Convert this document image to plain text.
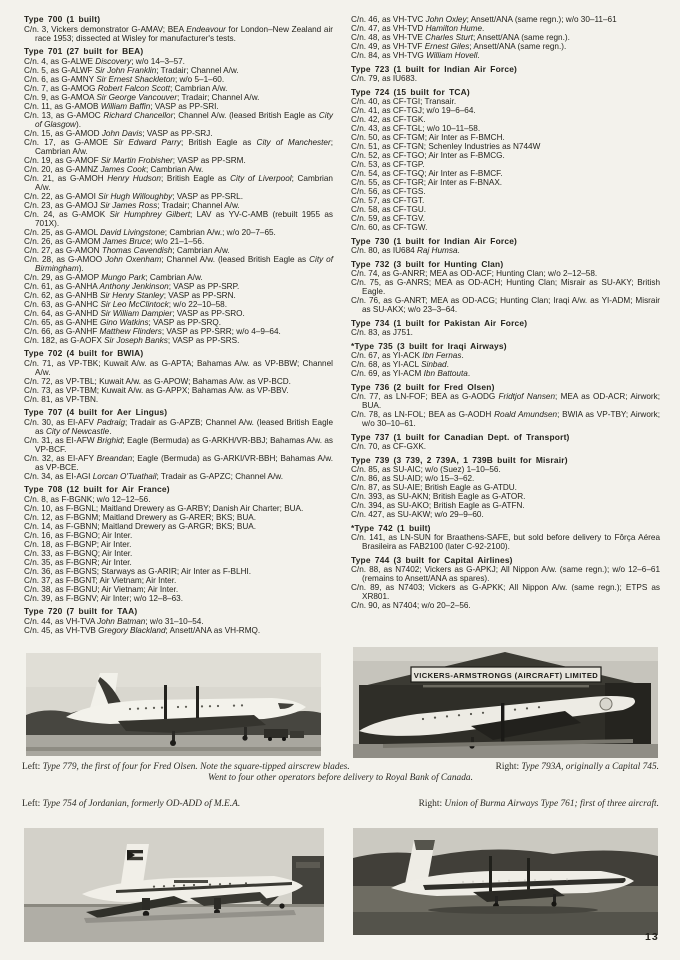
Type 700 (1 built)
C/n. 3, Vickers demonstrator G-AMAV; BEA Endeavour for London–New Zealand air race 1953; dissected at Wisley for manufacturer's tests.
Type 701 (27 built for BEA)
C/n. 4, as G-ALWE Discovery; w/o 14–3–57.
C/n. 5, as G-ALWF Sir John Franklin; Tradair; Channel A/w.
C/n. 6, as G-AMNY Sir Ernest Shackleton; w/o 5–1–60.
C/n. 7, as G-AMOG Robert Falcon Scott; Cambrian A/w.
C/n. 9, as G-AMOA Sir George Vancouver; Tradair; Channel A/w.
C/n. 11, as G-AMOB William Baffin; VASP as PP-SRI.
C/n. 13, as G-AMOC Richard Chancellor; Channel A/w. (leased British Eagle as City of Glasgow).
C/n. 15, as G-AMOD John Davis; VASP as PP-SRJ.
C/n. 17, as G-AMOE Sir Edward Parry; British Eagle as City of Manchester; Cambrian A/w.
C/n. 19, as G-AMOF Sir Martin Frobisher; VASP as PP-SRM.
C/n. 20, as G-AMNZ James Cook; Cambrian A/w.
C/n. 21, as G-AMOH Henry Hudson; British Eagle as City of Liverpool; Cambrian A/w.
C/n. 22, as G-AMOI Sir Hugh Willoughby; VASP as PP-SRL.
C/n. 23, as G-AMOJ Sir James Ross; Tradair; Channel A/w.
C/n. 24, as G-AMOK Sir Humphrey Gilbert; LAV as YV-C-AMB (rebuilt 1955 as 701X).
C/n. 25, as G-AMOL David Livingstone; Cambrian A/w.; w/o 20–7–65.
C/n. 26, as G-AMOM James Bruce; w/o 21–1–56.
C/n. 27, as G-AMON Thomas Cavendish; Cambrian A/w.
C/n. 28, as G-AMOO John Oxenham; Channel A/w. (leased British Eagle as City of Birmingham).
C/n. 29, as G-AMOP Mungo Park; Cambrian A/w.
C/n. 61, as G-ANHA Anthony Jenkinson; VASP as PP-SRP.
C/n. 62, as G-ANHB Sir Henry Stanley; VASP as PP-SRN.
C/n. 63, as G-ANHC Sir Leo McClintock; w/o 22–10–58.
C/n. 64, as G-ANHD Sir William Dampier; VASP as PP-SRO.
C/n. 65, as G-ANHE Gino Watkins; VASP as PP-SRQ.
C/n. 66, as G-ANHF Matthew Flinders; VASP as PP-SRR; w/o 4–9–64.
C/n. 182, as G-AOFX Sir Joseph Banks; VASP as PP-SRS.
Type 702 (4 built for BWIA)
C/n. 71, as VP-TBK; Kuwait A/w. as G-APTA; Bahamas A/w. as VP-BBW; Channel A/w.
C/n. 72, as VP-TBL; Kuwait A/w. as G-APOW; Bahamas A/w. as VP-BCD.
C/n. 73, as VP-TBM; Kuwait A/w. as G-APPX; Bahamas A/w. as VP-BBV.
C/n. 81, as VP-TBN.
Type 707 (4 built for Aer Lingus)
C/n. 30, as EI-AFV Padraig; Tradair as G-APZB; Channel A/w. (leased British Eagle as City of Newcastle.
C/n. 31, as EI-AFW Brighid; Eagle (Bermuda) as G-ARKH/VR-BBJ; Bahamas A/w. as VP-BCF.
C/n. 32, as EI-AFY Breandan; Eagle (Bermuda) as G-ARKI/VR-BBH; Bahamas A/w. as VP-BCE.
C/n. 34, as EI-AGI Lorcan O'Tuathail; Tradair as G-APZC; Channel A/w.
Type 708 (12 built for Air France)
C/n. 8, as F-BGNK; w/o 12–12–56.
C/n. 10, as F-BGNL; Maitland Drewery as G-ARBY; Danish Air Charter; BUA.
C/n. 12, as F-BGNM; Maitland Drewery as G-ARER; BKS; BUA.
C/n. 14, as F-GBNN; Maitland Drewery as G-ARGR; BKS; BUA.
C/n. 16, as F-BGNO; Air Inter.
C/n. 18, as F-BGNP; Air Inter.
C/n. 33, as F-BGNQ; Air Inter.
C/n. 35, as F-BGNR; Air Inter.
C/n. 36, as F-BGNS; Starways as G-ARIR; Air Inter as F-BLHI.
C/n. 37, as F-BGNT; Air Vietnam; Air Inter.
C/n. 38, as F-BGNU; Air Vietnam; Air Inter.
C/n. 39, as F-BGNV; Air Inter; w/o 12–8–63.
Type 720 (7 built for TAA)
C/n. 44, as VH-TVA John Batman; w/o 31–10–54.
C/n. 45, as VH-TVB Gregory Blackland; Ansett/ANA as VH-RMQ.
C/n. 46, as VH-TVC John Oxley; Ansett/ANA (same regn.); w/o 30–11–61
C/n. 47, as VH-TVD Hamilton Hume.
C/n. 48, as VH-TVE Charles Sturt; Ansett/ANA (same regn.).
C/n. 49, as VH-TVF Ernest Giles; Ansett/ANA (same regn.).
C/n. 84, as VH-TVG William Hovell.
Type 723 (1 built for Indian Air Force)
C/n. 79, as IU683.
Type 724 (15 built for TCA)
C/n. 40, as CF-TGI; Transair.
C/n. 41, as CF-TGJ; w/o 19–6–64.
C/n. 42, as CF-TGK.
C/n. 43, as CF-TGL; w/o 10–11–58.
C/n. 50, as CF-TGM; Air Inter as F-BMCH.
C/n. 51, as CF-TGN; Schenley Industries as N744W
C/n. 52, as CF-TGO; Air Inter as F-BMCG.
C/n. 53, as CF-TGP.
C/n. 54, as CF-TGQ; Air Inter as F-BMCF.
C/n. 55, as CF-TGR; Air Inter as F-BNAX.
C/n. 56, as CF-TGS.
C/n. 57, as CF-TGT.
C/n. 58, as CF-TGU.
C/n. 59, as CF-TGV.
C/n. 60, as CF-TGW.
Type 730 (1 built for Indian Air Force)
C/n. 80, as IU684 Raj Humsa.
Type 732 (3 built for Hunting Clan)
C/n. 74, as G-ANRR; MEA as OD-ACF; Hunting Clan; w/o 2–12–58.
C/n. 75, as G-ANRS; MEA as OD-ACH; Hunting Clan; Misrair as SU-AKY; British Eagle.
C/n. 76, as G-ANRT; MEA as OD-ACG; Hunting Clan; Iraqi A/w. as YI-ADM; Misrair as SU-AKX; w/o 23–3–64.
Type 734 (1 built for Pakistan Air Force)
C/n. 83, as J751.
*Type 735 (3 built for Iraqi Airways)
C/n. 67, as YI-ACK Ibn Fernas.
C/n. 68, as YI-ACL Sinbad.
C/n. 69, as YI-ACM Ibn Battouta.
Type 736 (2 built for Fred Olsen)
C/n. 77, as LN-FOF; BEA as G-AODG Fridtjof Nansen; MEA as OD-ACR; Airwork; BUA.
C/n. 78, as LN-FOL; BEA as G-AODH Roald Amundsen; BWIA as VP-TBY; Airwork; w/o 30–10–61.
Type 737 (1 built for Canadian Dept. of Transport)
C/n. 70, as CF-GXK.
Type 739 (3 739, 2 739A, 1 739B built for Misrair)
C/n. 85, as SU-AIC; w/o (Suez) 1–10–56.
C/n. 86, as SU-AID; w/o 15–3–62.
C/n. 87, as SU-AIE; British Eagle as G-ATDU.
C/n. 393, as SU-AKN; British Eagle as G-ATOR.
C/n. 394, as SU-AKO; British Eagle as G-ATFN.
C/n. 427, as SU-AKW; w/o 29–9–60.
*Type 742 (1 built)
C/n. 141, as LN-SUN for Braathens-SAFE, but sold before delivery to Fôrça Aérea Brasileira as FAB2100 (later C-92-2100).
Type 744 (3 built for Capital Airlines)
C/n. 88, as N7402; Vickers as G-APKJ; All Nippon A/w. (same regn.); w/o 12–6–61 (remains to Ansett/ANA as spares).
C/n. 89, as N7403; Vickers as G-APKK; All Nippon A/w. (same regn.); ETPS as XR801.
C/n. 90, as N7404; w/o 20–2–56.
VICKERS-ARMSTRONGS (AIRCRAFT) LIMITED
Left: Type 779, the first of four for Fred Olsen. Note the square-tipped airscrew blades.	Right: Type 793A, originally a Capital 745.
Went to four other operators before delivery to Royal Bank of Canada.
Left: Type 754 of Jordanian, formerly OD-ADD of M.E.A.	Right: Union of Burma Airways Type 761; first of three aircraft.
13
